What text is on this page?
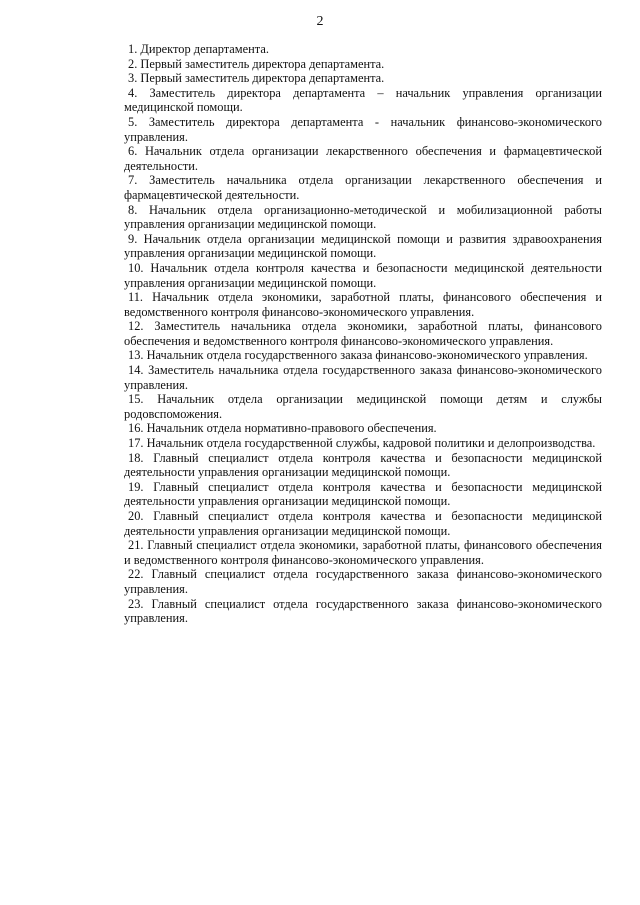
2

1. Директор департамента.

2. Первый заместитель директора департамента.

3. Первый заместитель директора департамента.

4. Заместитель директора департамента – начальник управления организации медицинской помощи.

5. Заместитель директора департамента - начальник финансово-экономического управления.

6. Начальник отдела организации лекарственного обеспечения и фармацевтической деятельности.

7. Заместитель начальника отдела организации лекарственного обеспечения и фармацевтической деятельности.

8. Начальник отдела организационно-методической и мобилизационной работы управления организации медицинской помощи.

9. Начальник отдела организации медицинской помощи и развития здравоохранения управления организации медицинской помощи.

10. Начальник отдела контроля качества и безопасности медицинской деятельности управления организации медицинской помощи.

11. Начальник отдела экономики, заработной платы, финансового обеспечения и ведомственного контроля финансово-экономического управления.

12. Заместитель начальника отдела экономики, заработной платы, финансового обеспечения и ведомственного контроля финансово-экономического управления.

13. Начальник отдела государственного заказа финансово-экономического управления.

14. Заместитель начальника отдела государственного заказа финансово-экономического управления.

15. Начальник отдела организации медицинской помощи детям и службы родовспоможения.

16. Начальник отдела нормативно-правового обеспечения.

17. Начальник отдела государственной службы, кадровой политики и делопроизводства.

18. Главный специалист отдела контроля качества и безопасности медицинской деятельности управления организации медицинской помощи.

19. Главный специалист отдела контроля качества и безопасности медицинской деятельности управления организации медицинской помощи.

20. Главный специалист отдела контроля качества и безопасности медицинской деятельности управления организации медицинской помощи.

21. Главный специалист отдела экономики, заработной платы, финансового обеспечения и ведомственного контроля финансово-экономического управления.

22. Главный специалист отдела государственного заказа финансово-экономического управления.

23. Главный специалист отдела государственного заказа финансово-экономического управления.
